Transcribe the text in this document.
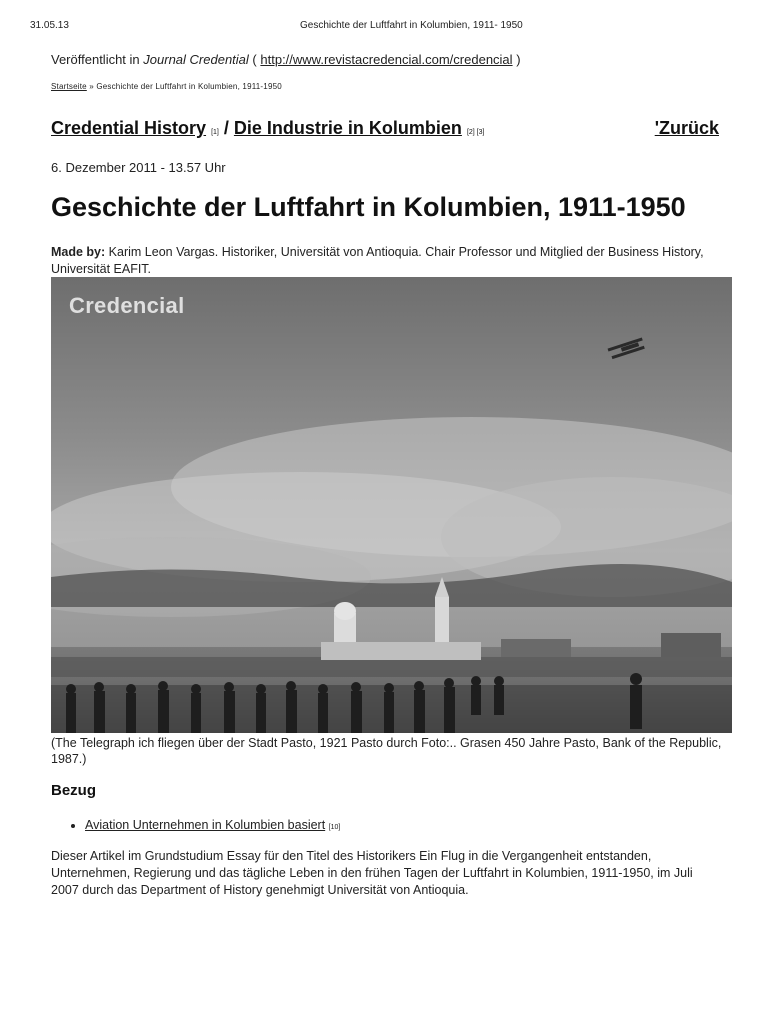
31.05.13	Geschichte der Luftfahrt in Kolumbien, 1911- 1950
Veröffentlicht in Journal Credential ( http://www.revistacredencial.com/credencial )
Startseite » Geschichte der Luftfahrt in Kolumbien, 1911-1950
Credential History [1] / Die Industrie in Kolumbien [2] [3]	'Zurück
6. Dezember 2011 - 13.57 Uhr
Geschichte der Luftfahrt in Kolumbien, 1911-1950
Made by: Karim Leon Vargas. Historiker, Universität von Antioquia. Chair Professor und Mitglied der Business History, Universität EAFIT.
Credencial
(The Telegraph ich fliegen über der Stadt Pasto, 1921 Pasto durch Foto:.. Grasen 450 Jahre Pasto, Bank of the Republic, 1987.)
Bezug
• Aviation Unternehmen in Kolumbien basiert [10]

Dieser Artikel im Grundstudium Essay für den Titel des Historikers Ein Flug in die Vergangenheit entstanden, Unternehmen, Regierung und das tägliche Leben in den frühen Tagen der Luftfahrt in Kolumbien, 1911-1950, im Juli 2007 durch das Department of History genehmigt Universität von Antioquia.
